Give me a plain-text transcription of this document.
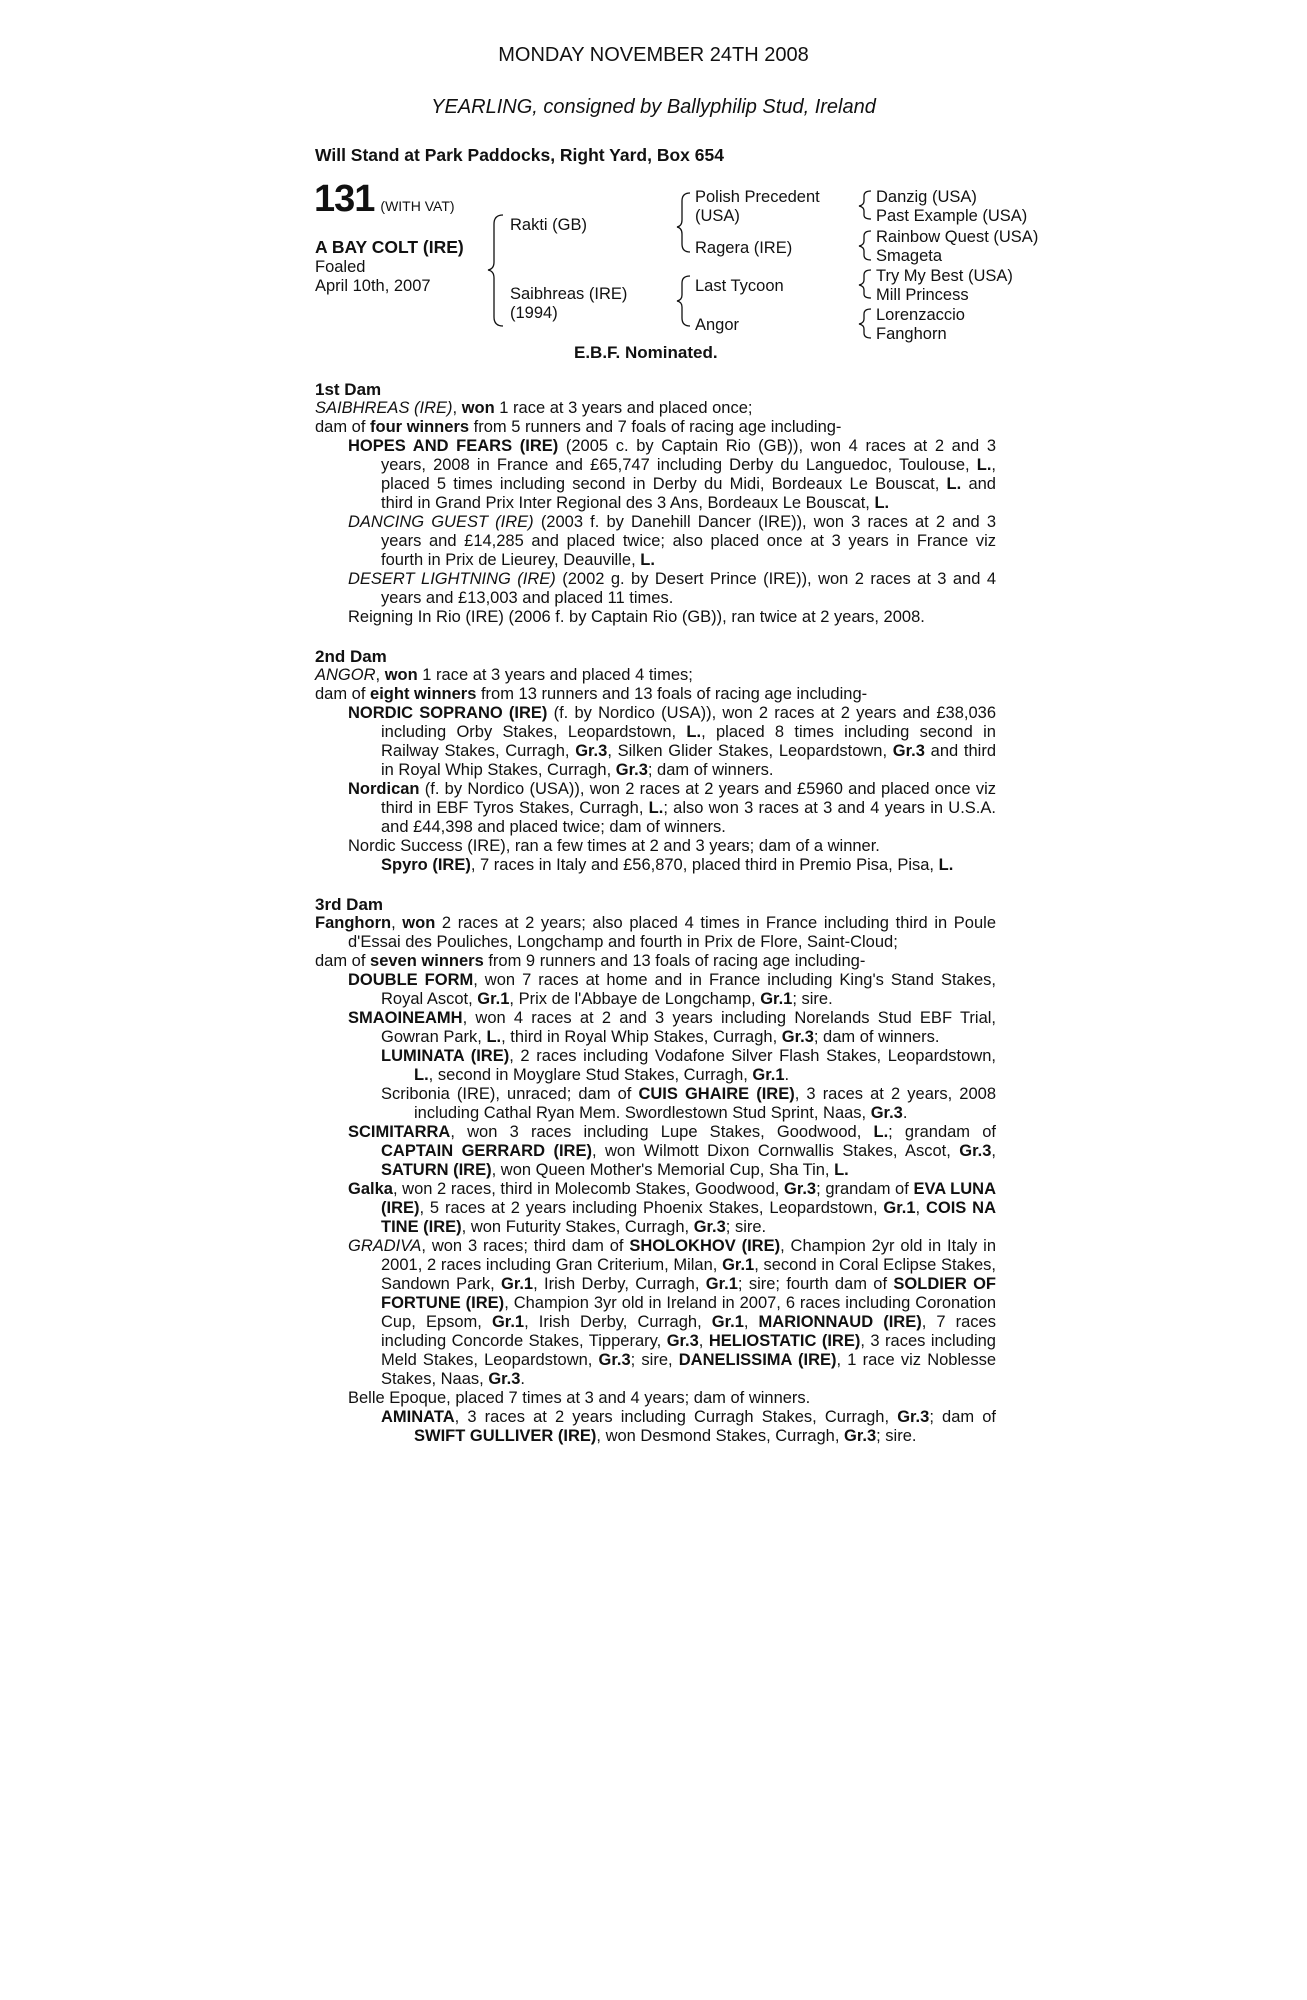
MONDAY NOVEMBER 24TH 2008
YEARLING, consigned by Ballyphilip Stud, Ireland
Will Stand at Park Paddocks, Right Yard, Box 654
131 (WITH VAT)
A BAY COLT (IRE)
Foaled
April 10th, 2007
Rakti (GB)
Saibhreas (IRE)
(1994)
Polish Precedent
(USA)
Ragera (IRE)
Last Tycoon
Angor
Danzig (USA)
Past Example (USA)
Rainbow Quest (USA)
Smageta
Try My Best (USA)
Mill Princess
Lorenzaccio
Fanghorn
E.B.F. Nominated.

1st Dam

SAIBHREAS (IRE), won 1 race at 3 years and placed once;

dam of four winners from 5 runners and 7 foals of racing age including-

HOPES AND FEARS (IRE) (2005 c. by Captain Rio (GB)), won 4 races at 2 and 3 years, 2008 in France and £65,747 including Derby du Languedoc, Toulouse, L., placed 5 times including second in Derby du Midi, Bordeaux Le Bouscat, L. and third in Grand Prix Inter Regional des 3 Ans, Bordeaux Le Bouscat, L.

DANCING GUEST (IRE) (2003 f. by Danehill Dancer (IRE)), won 3 races at 2 and 3 years and £14,285 and placed twice; also placed once at 3 years in France viz fourth in Prix de Lieurey, Deauville, L.

DESERT LIGHTNING (IRE) (2002 g. by Desert Prince (IRE)), won 2 races at 3 and 4 years and £13,003 and placed 11 times.

Reigning In Rio (IRE) (2006 f. by Captain Rio (GB)), ran twice at 2 years, 2008.

2nd Dam

ANGOR, won 1 race at 3 years and placed 4 times;

dam of eight winners from 13 runners and 13 foals of racing age including-

NORDIC SOPRANO (IRE) (f. by Nordico (USA)), won 2 races at 2 years and £38,036 including Orby Stakes, Leopardstown, L., placed 8 times including second in Railway Stakes, Curragh, Gr.3, Silken Glider Stakes, Leopardstown, Gr.3 and third in Royal Whip Stakes, Curragh, Gr.3; dam of winners.

Nordican (f. by Nordico (USA)), won 2 races at 2 years and £5960 and placed once viz third in EBF Tyros Stakes, Curragh, L.; also won 3 races at 3 and 4 years in U.S.A. and £44,398 and placed twice; dam of winners.

Nordic Success (IRE), ran a few times at 2 and 3 years; dam of a winner.

Spyro (IRE), 7 races in Italy and £56,870, placed third in Premio Pisa, Pisa, L.

3rd Dam

Fanghorn, won 2 races at 2 years; also placed 4 times in France including third in Poule d'Essai des Pouliches, Longchamp and fourth in Prix de Flore, Saint-Cloud;

dam of seven winners from 9 runners and 13 foals of racing age including-

DOUBLE FORM, won 7 races at home and in France including King's Stand Stakes, Royal Ascot, Gr.1, Prix de l'Abbaye de Longchamp, Gr.1; sire.

SMAOINEAMH, won 4 races at 2 and 3 years including Norelands Stud EBF Trial, Gowran Park, L., third in Royal Whip Stakes, Curragh, Gr.3; dam of winners.

LUMINATA (IRE), 2 races including Vodafone Silver Flash Stakes, Leopardstown, L., second in Moyglare Stud Stakes, Curragh, Gr.1.

Scribonia (IRE), unraced; dam of CUIS GHAIRE (IRE), 3 races at 2 years, 2008 including Cathal Ryan Mem. Swordlestown Stud Sprint, Naas, Gr.3.

SCIMITARRA, won 3 races including Lupe Stakes, Goodwood, L.; grandam of CAPTAIN GERRARD (IRE), won Wilmott Dixon Cornwallis Stakes, Ascot, Gr.3, SATURN (IRE), won Queen Mother's Memorial Cup, Sha Tin, L.

Galka, won 2 races, third in Molecomb Stakes, Goodwood, Gr.3; grandam of EVA LUNA (IRE), 5 races at 2 years including Phoenix Stakes, Leopardstown, Gr.1, COIS NA TINE (IRE), won Futurity Stakes, Curragh, Gr.3; sire.

GRADIVA, won 3 races; third dam of SHOLOKHOV (IRE), Champion 2yr old in Italy in 2001, 2 races including Gran Criterium, Milan, Gr.1, second in Coral Eclipse Stakes, Sandown Park, Gr.1, Irish Derby, Curragh, Gr.1; sire; fourth dam of SOLDIER OF FORTUNE (IRE), Champion 3yr old in Ireland in 2007, 6 races including Coronation Cup, Epsom, Gr.1, Irish Derby, Curragh, Gr.1, MARIONNAUD (IRE), 7 races including Concorde Stakes, Tipperary, Gr.3, HELIOSTATIC (IRE), 3 races including Meld Stakes, Leopardstown, Gr.3; sire, DANELISSIMA (IRE), 1 race viz Noblesse Stakes, Naas, Gr.3.

Belle Epoque, placed 7 times at 3 and 4 years; dam of winners.

AMINATA, 3 races at 2 years including Curragh Stakes, Curragh, Gr.3; dam of SWIFT GULLIVER (IRE), won Desmond Stakes, Curragh, Gr.3; sire.
